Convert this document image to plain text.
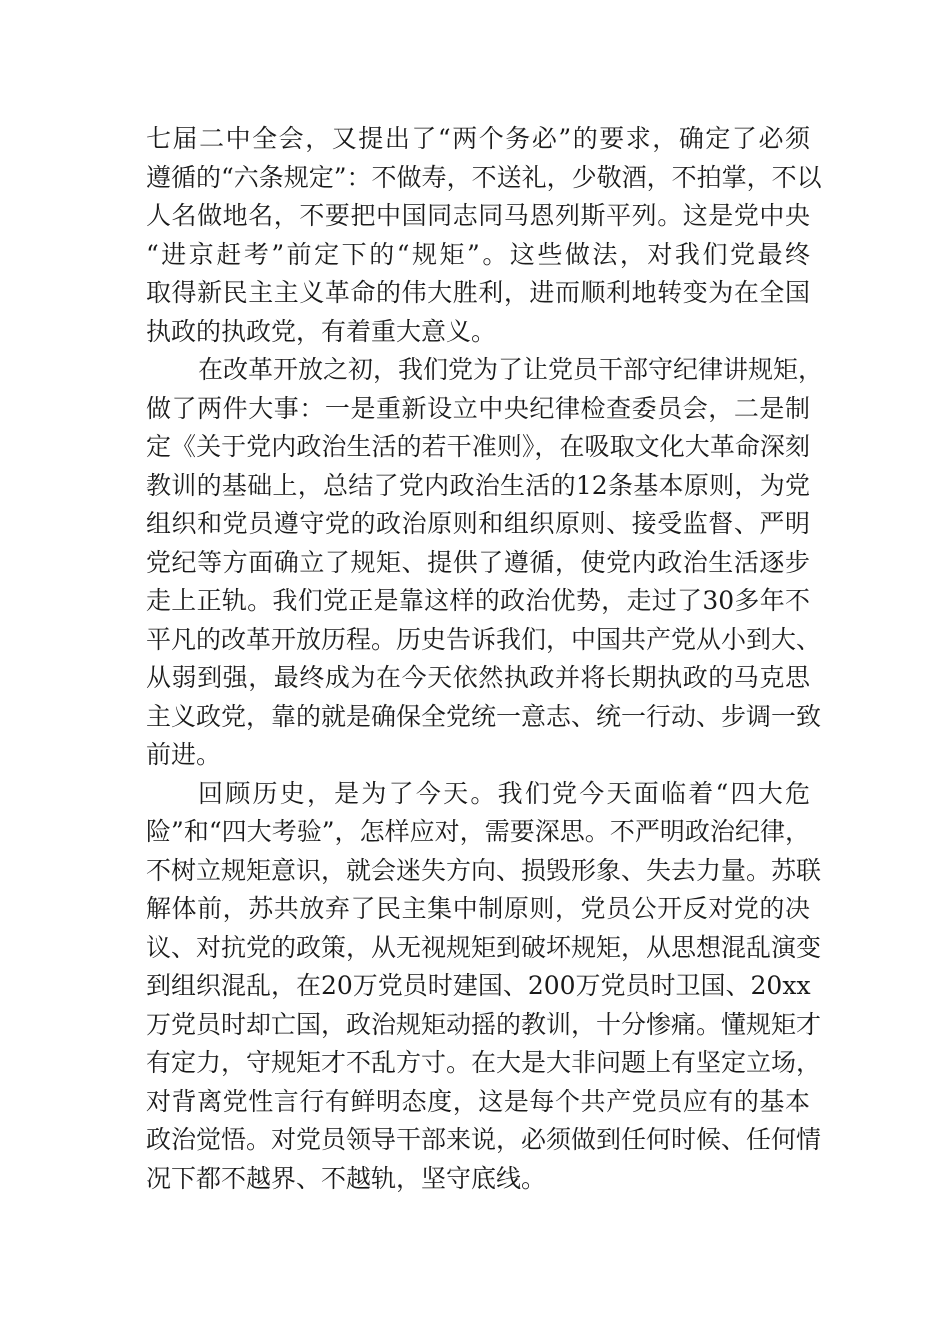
七届二中全会，又提出了“两个务必”的要求，确定了必须
遵循的“六条规定”：不做寿，不送礼，少敬酒，不拍掌，不以
人名做地名，不要把中国同志同马恩列斯平列。这是党中央
“进京赶考”前定下的“规矩”。这些做法，对我们党最终
取得新民主主义革命的伟大胜利，进而顺利地转变为在全国
执政的执政党，有着重大意义。
在改革开放之初，我们党为了让党员干部守纪律讲规矩，
做了两件大事：一是重新设立中央纪律检查委员会，二是制
定《关于党内政治生活的若干准则》，在吸取文化大革命深刻
教训的基础上，总结了党内政治生活的12条基本原则，为党
组织和党员遵守党的政治原则和组织原则、接受监督、严明
党纪等方面确立了规矩、提供了遵循，使党内政治生活逐步
走上正轨。我们党正是靠这样的政治优势，走过了30多年不
平凡的改革开放历程。历史告诉我们，中国共产党从小到大、
从弱到强，最终成为在今天依然执政并将长期执政的马克思
主义政党，靠的就是确保全党统一意志、统一行动、步调一致
前进。
回顾历史，是为了今天。我们党今天面临着“四大危
险”和“四大考验”，怎样应对，需要深思。不严明政治纪律，
不树立规矩意识，就会迷失方向、损毁形象、失去力量。苏联
解体前，苏共放弃了民主集中制原则，党员公开反对党的决
议、对抗党的政策，从无视规矩到破坏规矩，从思想混乱演变
到组织混乱，在20万党员时建国、200万党员时卫国、20xx
万党员时却亡国，政治规矩动摇的教训，十分惨痛。懂规矩才
有定力，守规矩才不乱方寸。在大是大非问题上有坚定立场，
对背离党性言行有鲜明态度，这是每个共产党员应有的基本
政治觉悟。对党员领导干部来说，必须做到任何时候、任何情
况下都不越界、不越轨，坚守底线。
